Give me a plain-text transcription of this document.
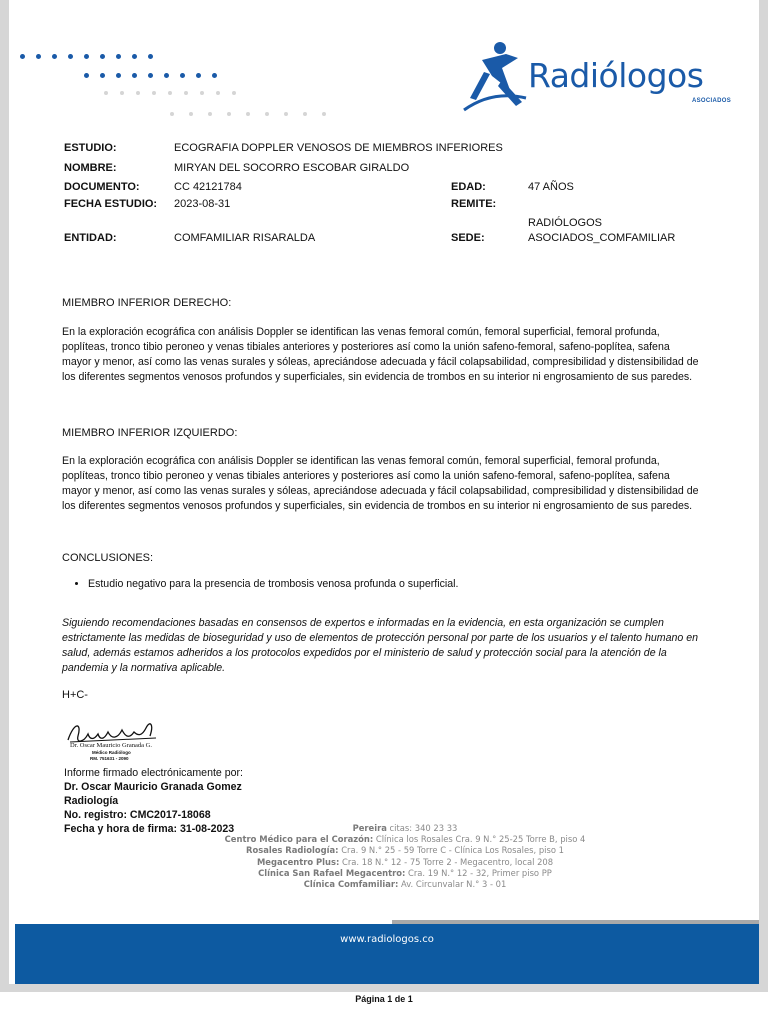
Radiólogos
ASOCIADOS
ESTUDIO:	ECOGRAFIA DOPPLER VENOSOS DE MIEMBROS INFERIORES
NOMBRE:	MIRYAN DEL SOCORRO ESCOBAR GIRALDO
DOCUMENTO:	CC 42121784	EDAD:	47 AÑOS
FECHA ESTUDIO: 2023-08-31	REMITE:
ENTIDAD:	COMFAMILIAR RISARALDA	SEDE:
RADIÓLOGOS
ASOCIADOS_COMFAMILIAR
MIEMBRO INFERIOR DERECHO:
En la exploración ecográfica con análisis Doppler se identifican las venas femoral común, femoral superficial, femoral profunda, poplíteas, tronco tibio peroneo y venas tibiales anteriores y posteriores así como la unión safeno-femoral, safeno-poplítea, safena mayor y menor, así como las venas surales y sóleas, apreciándose adecuada y fácil colapsabilidad, compresibilidad y distensibilidad de los diferentes segmentos venosos profundos y superficiales, sin evidencia de trombos en su interior ni engrosamiento de sus paredes.
MIEMBRO INFERIOR IZQUIERDO:
En la exploración ecográfica con análisis Doppler se identifican las venas femoral común, femoral superficial, femoral profunda, poplíteas, tronco tibio peroneo y venas tibiales anteriores y posteriores así como la unión safeno-femoral, safeno-poplítea, safena mayor y menor, así como las venas surales y sóleas, apreciándose adecuada y fácil colapsabilidad, compresibilidad y distensibilidad de los diferentes segmentos venosos profundos y superficiales, sin evidencia de trombos en su interior ni engrosamiento de sus paredes.
CONCLUSIONES:
• Estudio negativo para la presencia de trombosis venosa profunda o superficial.
Siguiendo recomendaciones basadas en consensos de expertos e informadas en la evidencia, en esta organización se cumplen estrictamente las medidas de bioseguridad y uso de elementos de protección personal por parte de los usuarios y el talento humano en salud, además estamos adheridos a los protocolos expedidos por el ministerio de salud y protección social para la atención de la pandemia y la normativa aplicable.
H+C-
Dr. Oscar Mauricio Granada G.
Médico Radiólogo
RM. 751631 - 2090
Informe firmado electrónicamente por:
Dr. Oscar Mauricio Granada Gomez
Radiología
No. registro: CMC2017-18068
Fecha y hora de firma: 31-08-2023	Pereira citas: 340 23 33
Centro Médico para el Corazón: Clínica los Rosales Cra. 9 N.° 25-25 Torre B, piso 4
Rosales Radiología: Cra. 9 N.° 25 - 59 Torre C - Clínica Los Rosales, piso 1
Megacentro Plus: Cra. 18 N.° 12 - 75 Torre 2 - Megacentro, local 208
Clínica San Rafael Megacentro: Cra. 19 N.° 12 - 32, Primer piso PP
Clínica Comfamiliar: Av. Circunvalar N.° 3 - 01
www.radiologos.co
Página 1 de 1
